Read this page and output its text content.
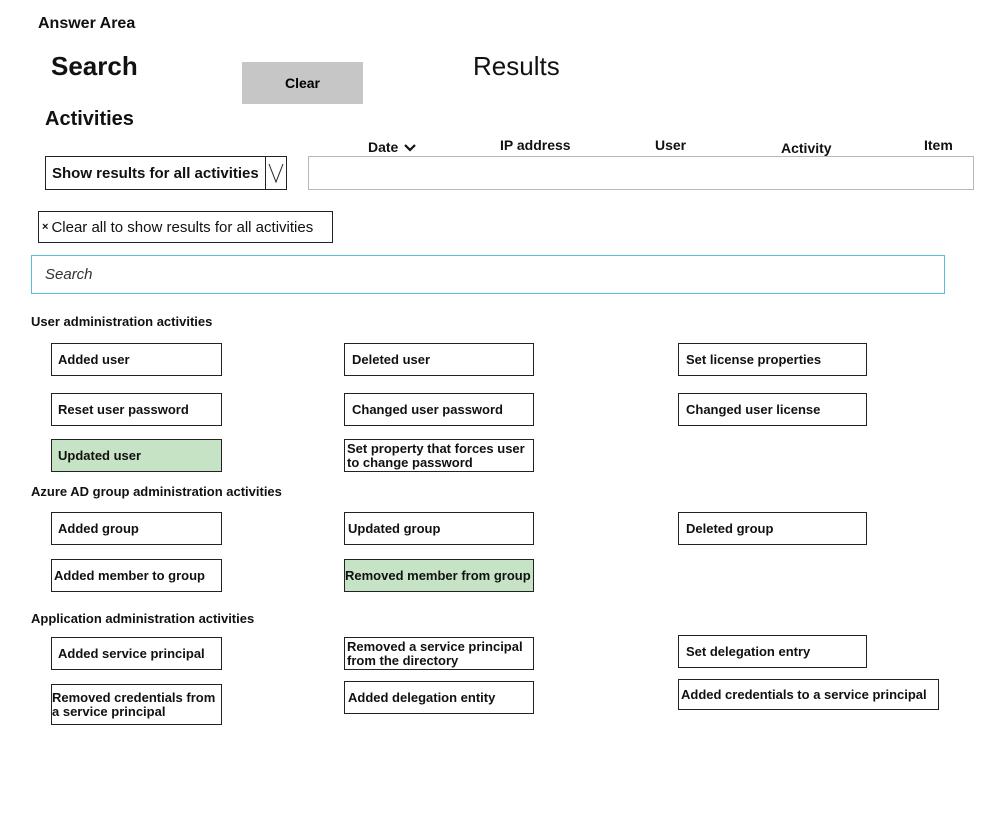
Answer Area
Search
Clear
Results
Activities
Date	IP address	User	Activity	Item
Show results for all activities
× Clear all to show results for all activities
Search
User administration activities
Added user	Deleted user	Set license properties
Reset user password	Changed user password	Changed user license
Updated user	Set property that forces user to change password
Azure AD group administration activities
Added group	Updated group	Deleted group
Added member to group	Removed member from group
Application administration activities
Added service principal	Removed a service principal from the directory
Set delegation entry
Removed credentials from a service principal
Added delegation entity	Added credentials to a service principal
